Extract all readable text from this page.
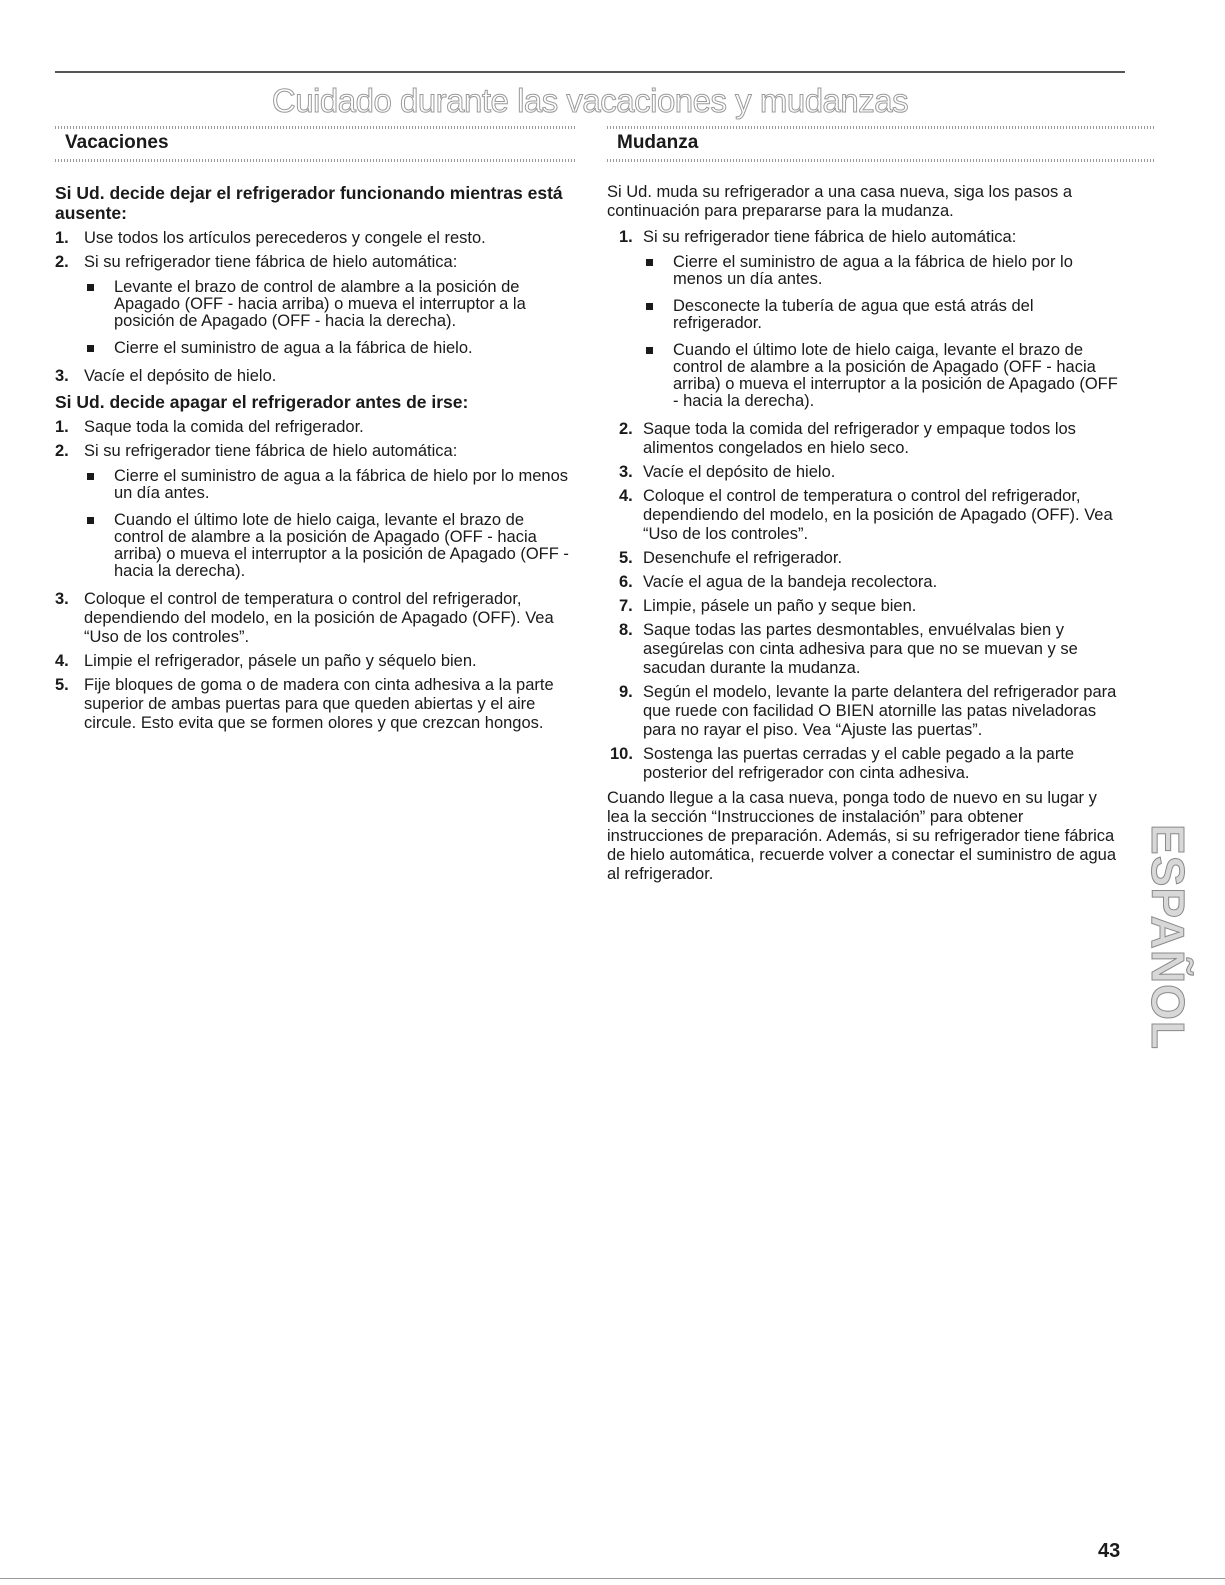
Cuidado durante las vacaciones y mudanzas
Vacaciones
Si Ud. decide dejar el refrigerador funcionando mientras está ausente:
1. Use todos los artículos perecederos y congele el resto.
2. Si su refrigerador tiene fábrica de hielo automática:
Levante el brazo de control de alambre a la posición de Apagado (OFF - hacia arriba) o mueva el interruptor a la posición de Apagado (OFF - hacia la derecha).
Cierre el suministro de agua a la fábrica de hielo.
3. Vacíe el depósito de hielo.
Si Ud. decide apagar el refrigerador antes de irse:
1. Saque toda la comida del refrigerador.
2. Si su refrigerador tiene fábrica de hielo automática:
Cierre el suministro de agua a la fábrica de hielo por lo menos un día antes.
Cuando el último lote de hielo caiga, levante el brazo de control de alambre a la posición de Apagado (OFF - hacia arriba) o mueva el interruptor a la posición de Apagado (OFF - hacia la derecha).
3. Coloque el control de temperatura o control del refrigerador, dependiendo del modelo, en la posición de Apagado (OFF). Vea “Uso de los controles”.
4. Limpie el refrigerador, pásele un paño y séquelo bien.
5. Fije bloques de goma o de madera con cinta adhesiva a la parte superior de ambas puertas para que queden abiertas y el aire circule. Esto evita que se formen olores y que crezcan hongos.
Mudanza

Si Ud. muda su refrigerador a una casa nueva, siga los pasos a continuación para prepararse para la mudanza.

1. Si su refrigerador tiene fábrica de hielo automática:
Cierre el suministro de agua a la fábrica de hielo por lo menos un día antes.
Desconecte la tubería de agua que está atrás del refrigerador.
Cuando el último lote de hielo caiga, levante el brazo de control de alambre a la posición de Apagado (OFF - hacia arriba) o mueva el interruptor a la posición de Apagado (OFF - hacia la derecha).
2. Saque toda la comida del refrigerador y empaque todos los alimentos congelados en hielo seco.
3. Vacíe el depósito de hielo.
4. Coloque el control de temperatura o control del refrigerador, dependiendo del modelo, en la posición de Apagado (OFF). Vea “Uso de los controles”.
5. Desenchufe el refrigerador.
6. Vacíe el agua de la bandeja recolectora.
7. Limpie, pásele un paño y seque bien.
8. Saque todas las partes desmontables, envuélvalas bien y asegúrelas con cinta adhesiva para que no se muevan y se sacudan durante la mudanza.
9. Según el modelo, levante la parte delantera del refrigerador para que ruede con facilidad O BIEN atornille las patas niveladoras para no rayar el piso. Vea “Ajuste las puertas”.
10. Sostenga las puertas cerradas y el cable pegado a la parte posterior del refrigerador con cinta adhesiva.

Cuando llegue a la casa nueva, ponga todo de nuevo en su lugar y lea la sección “Instrucciones de instalación” para obtener instrucciones de preparación. Además, si su refrigerador tiene fábrica de hielo automática, recuerde volver a conectar el suministro de agua al refrigerador.	ESPAÑOL
43
